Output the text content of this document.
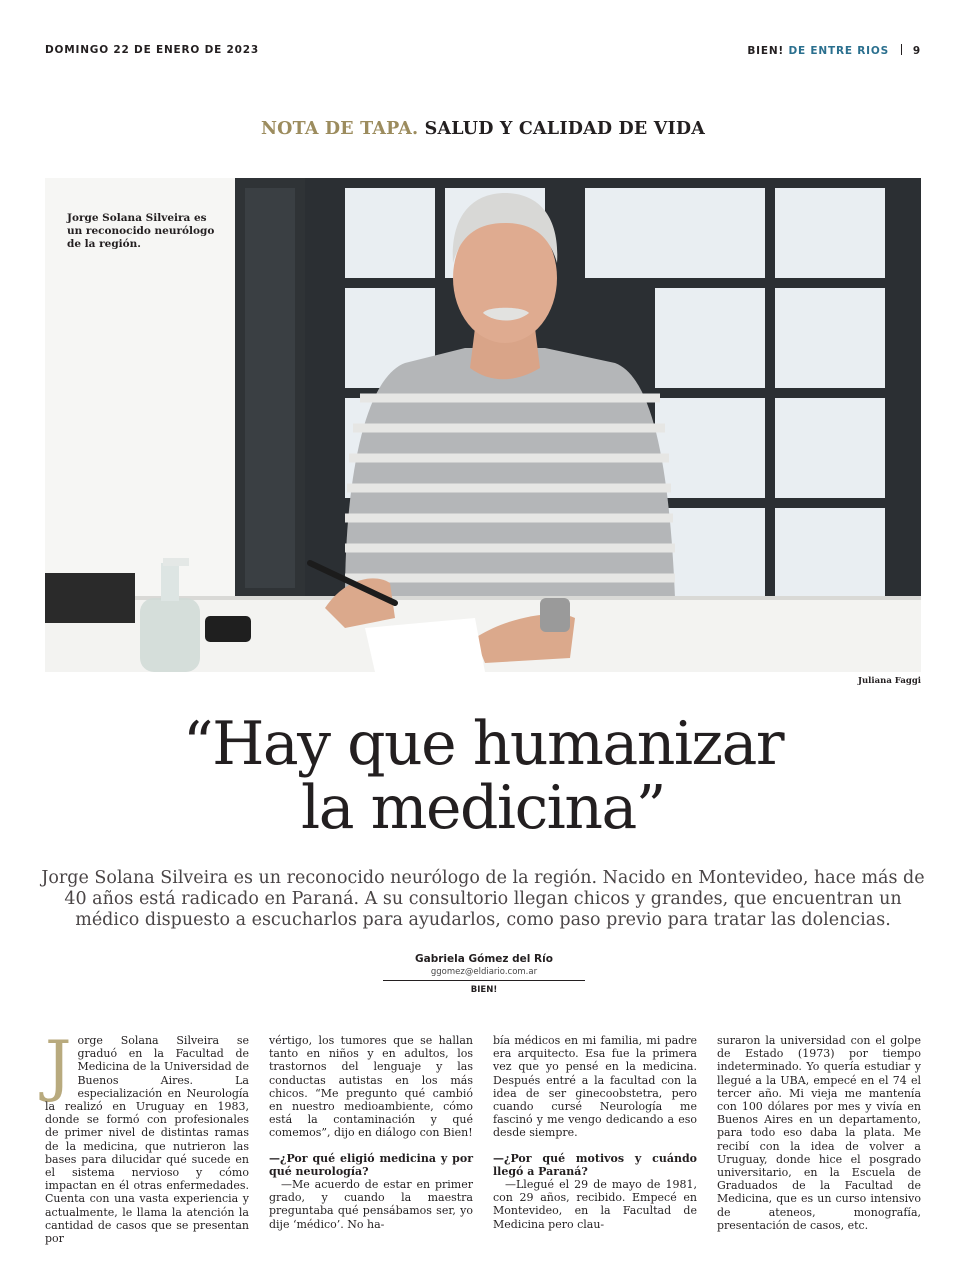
DOMINGO 22 DE ENERO DE 2023	BIEN! DE ENTRE RIOS 9
NOTA DE TAPA. SALUD Y CALIDAD DE VIDA
Jorge Solana Silveira es un reconocido neurólogo de la región.
Juliana Faggi
“Hay que humanizar
la medicina”

Jorge Solana Silveira es un reconocido neurólogo de la región. Nacido en Montevideo, hace más de 40 años está radicado en Paraná. A su consultorio llegan chicos y grandes, que encuentran un médico dispuesto a escucharlos para ayudarlos, como paso previo para tratar las dolencias.

Gabriela Gómez del Río
ggomez@eldiario.com.ar
BIEN!
J orge Solana Silveira se graduó en la Facultad de Medicina de la Universidad de Buenos Aires. La especialización en Neurología la realizó en Uruguay en 1983, donde se formó con profesionales de primer nivel de distintas ramas de la medicina, que nutrieron las bases para dilucidar qué sucede en el sistema nervioso y cómo impactan en él otras enfermedades. Cuenta con una vasta experiencia y actualmente, le llama la atención la cantidad de casos que se presentan por

vértigo, los tumores que se hallan tanto en niños y en adultos, los trastornos del lenguaje y las conductas autistas en los más chicos. “Me pregunto qué cambió en nuestro medioambiente, cómo está la contaminación y qué comemos”, dijo en diálogo con Bien!

—¿Por qué eligió medicina y por qué neurología?

—Me acuerdo de estar en primer grado, y cuando la maestra preguntaba qué pensábamos ser, yo dije ‘médico’. No ha-

bía médicos en mi familia, mi padre era arquitecto. Esa fue la primera vez que yo pensé en la medicina. Después entré a la facultad con la idea de ser ginecoobstetra, pero cuando cursé Neurología me fascinó y me vengo dedicando a eso desde siempre.

—¿Por qué motivos y cuándo llegó a Paraná?

—Llegué el 29 de mayo de 1981, con 29 años, recibido. Empecé en Montevideo, en la Facultad de Medicina pero clau-

suraron la universidad con el golpe de Estado (1973) por tiempo indeterminado. Yo quería estudiar y llegué a la UBA, empecé en el 74 el tercer año. Mi vieja me mantenía con 100 dólares por mes y vivía en Buenos Aires en un departamento, para todo eso daba la plata. Me recibí con la idea de volver a Uruguay, donde hice el posgrado universitario, en la Escuela de Graduados de la Facultad de Medicina, que es un curso intensivo de ateneos, monografía, presentación de casos, etc.
